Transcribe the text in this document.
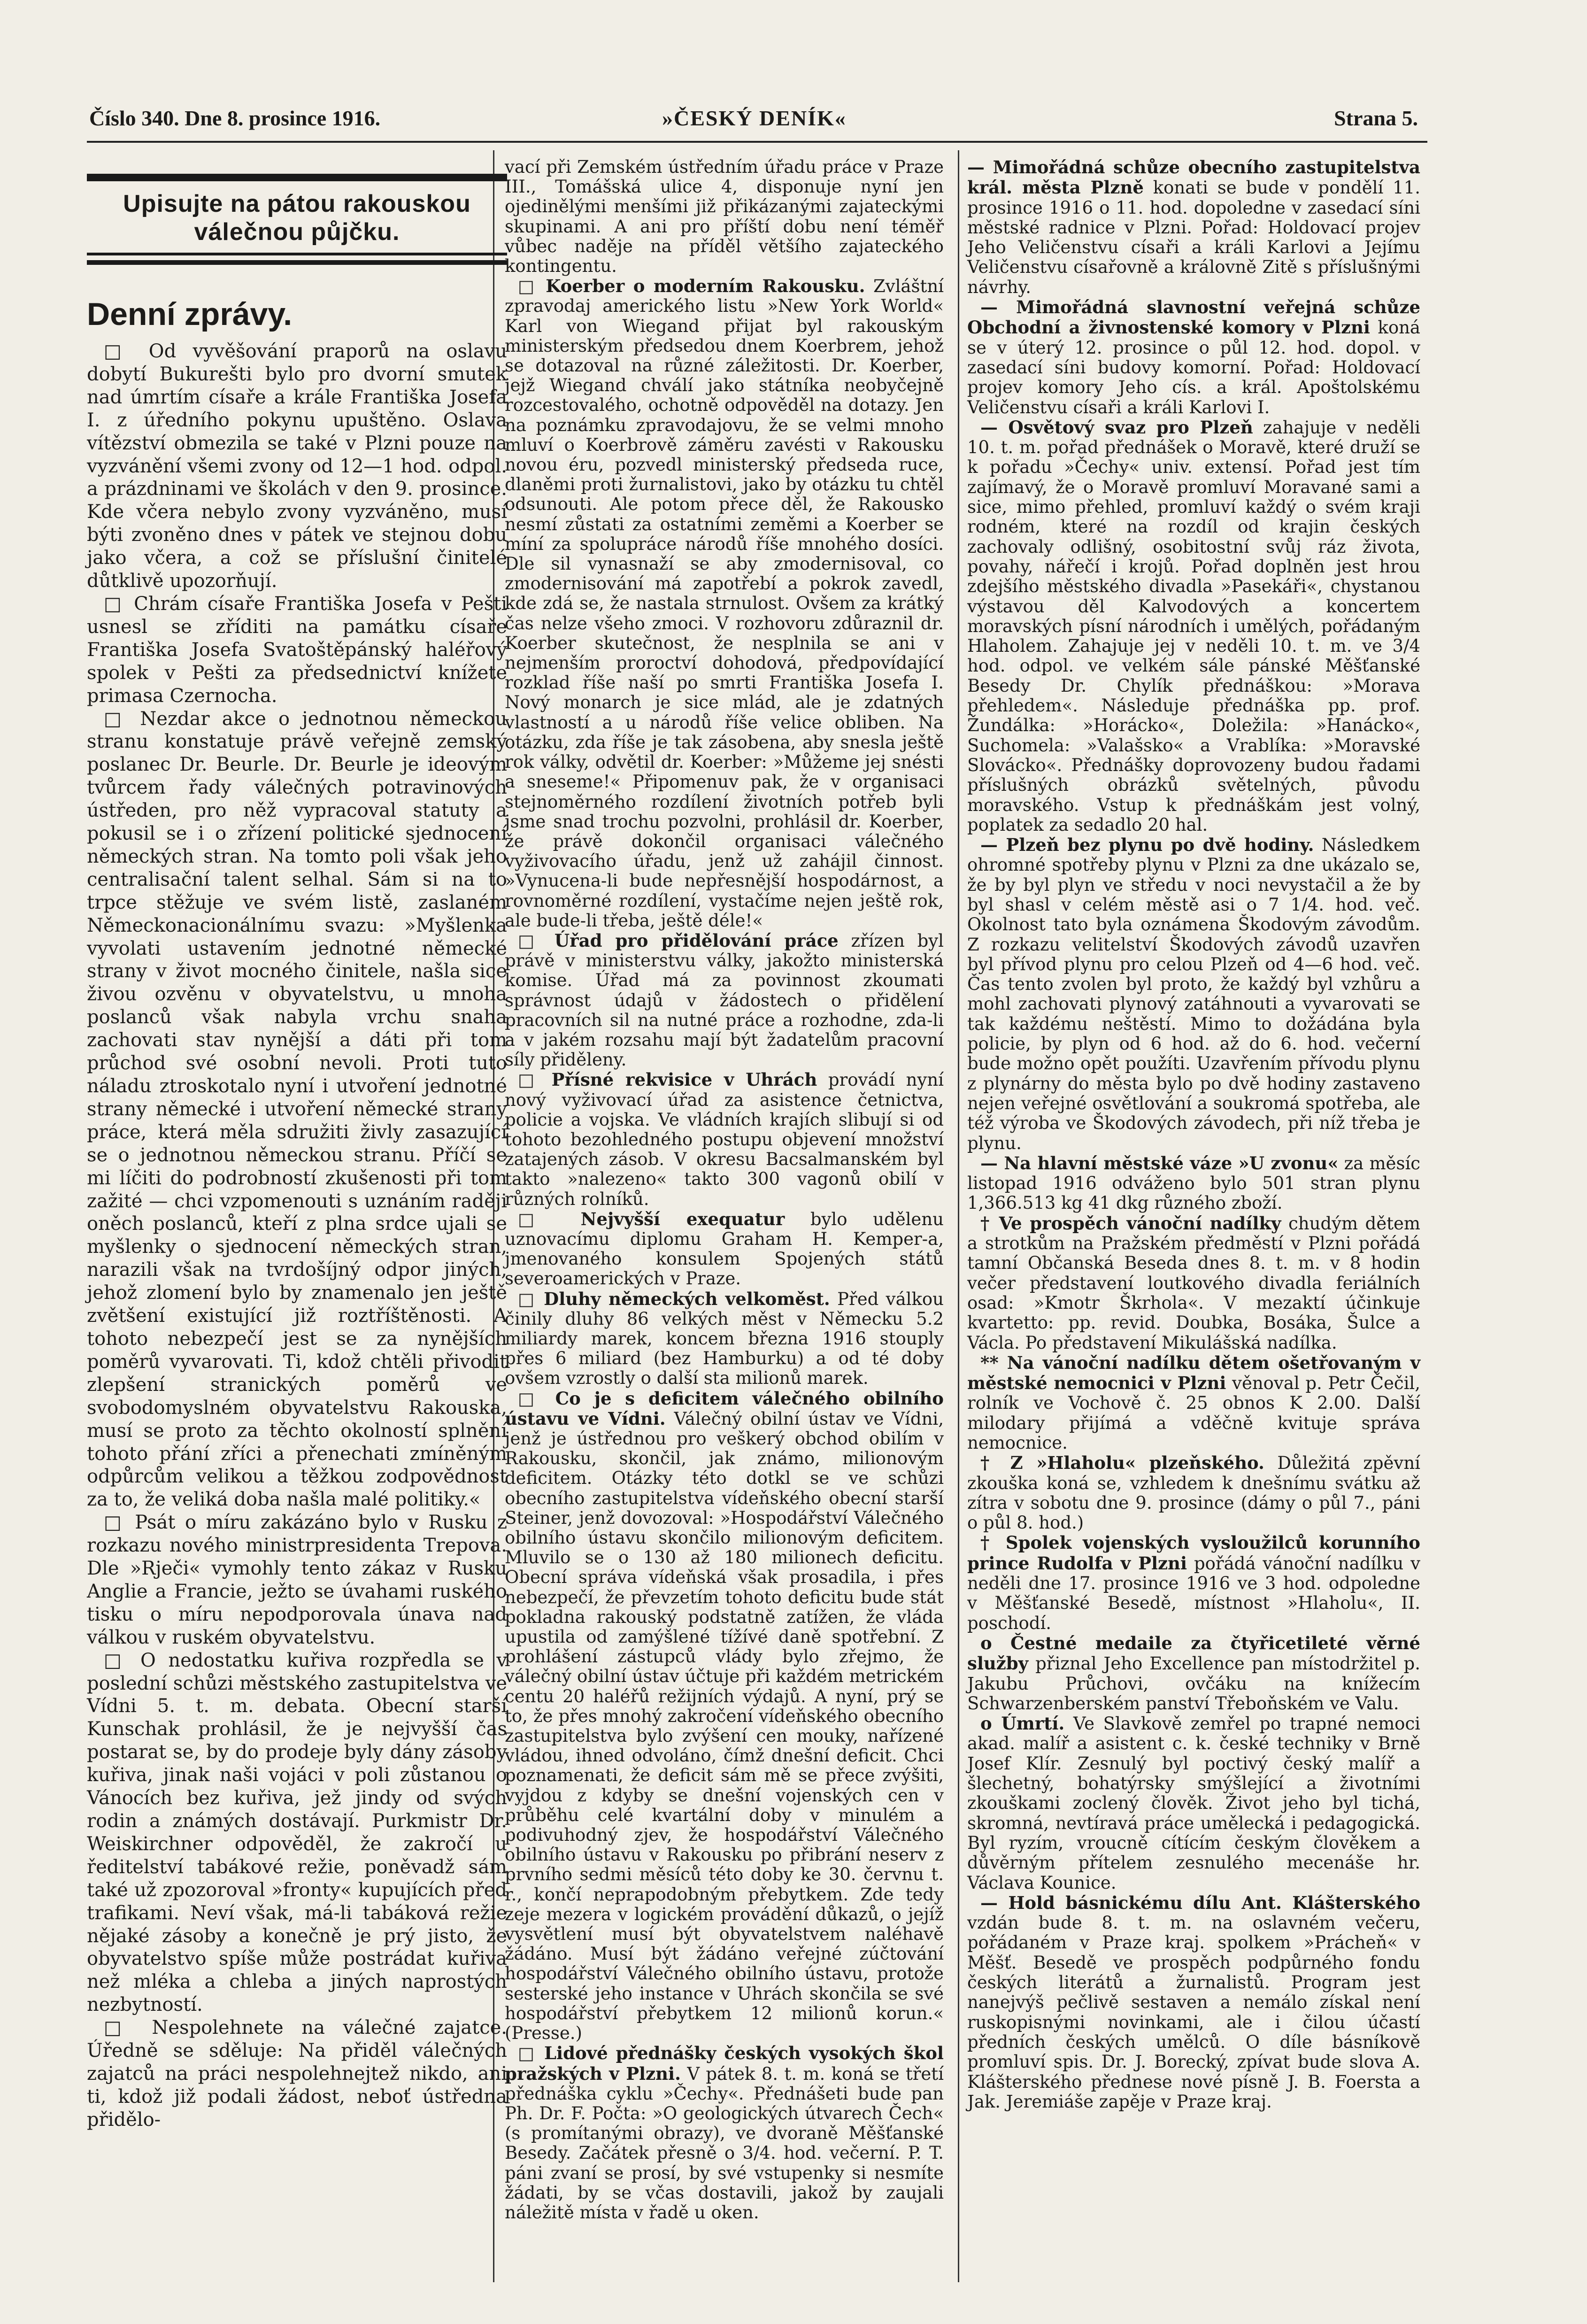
Číslo 340. Dne 8. prosince 1916.	»ČESKÝ DENÍK«	Strana 5.
Upisujte na pátou rakouskou
válečnou půjčku.
Denní zprávy.

□ Od vyvěšování praporů na oslavu dobytí Bukurešti bylo pro dvorní smutek nad úmrtím císaře a krále Františka Josefa I. z úředního pokynu upuštěno. Oslava vítězství obmezila se také v Plzni pouze na vyzvánění všemi zvony od 12—1 hod. odpol. a prázdninami ve školách v den 9. prosince. Kde včera nebylo zvony vyzváněno, musí býti zvoněno dnes v pátek ve stejnou dobu jako včera, a což se příslušní činitelé důtklivě upozorňují.

□ Chrám císaře Františka Josefa v Pešti usnesl se zříditi na památku císaře Františka Josefa Svatoštěpánský haléřový spolek v Pešti za předsednictví knížete primasa Czernocha.

□ Nezdar akce o jednotnou německou stranu konstatuje právě veřejně zemský poslanec Dr. Beurle. Dr. Beurle je ideovým tvůrcem řady válečných potravinových ústředen, pro něž vypracoval statuty a pokusil se i o zřízení politické sjednocení německých stran. Na tomto poli však jeho centralisační talent selhal. Sám si na to trpce stěžuje ve svém listě, zaslaném Německonacionálnímu svazu: »Myšlenka vyvolati ustavením jednotné německé strany v život mocného činitele, našla sice živou ozvěnu v obyvatelstvu, u mnoha poslanců však nabyla vrchu snaha zachovati stav nynější a dáti při tom průchod své osobní nevoli. Proti tuto náladu ztroskotalo nyní i utvoření jednotné strany německé i utvoření německé strany práce, která měla sdružiti živly zasazující se o jednotnou německou stranu. Příčí se mi líčiti do podrobností zkušenosti při tom zažité — chci vzpomenouti s uznáním raději oněch poslanců, kteří z plna srdce ujali se myšlenky o sjednocení německých stran, narazili však na tvrdošíjný odpor jiných, jehož zlomení bylo by znamenalo jen ještě zvětšení existující již roztříštěnosti. A tohoto nebezpečí jest se za nynějších poměrů vyvarovati. Ti, kdož chtěli přivodit zlepšení stranických poměrů ve svobodomyslném obyvatelstvu Rakouska, musí se proto za těchto okolností splnění tohoto přání zříci a přenechati zmíněným odpůrcům velikou a těžkou zodpovědnost za to, že veliká doba našla malé politiky.«

□ Psát o míru zakázáno bylo v Rusku z rozkazu nového ministrpresidenta Trepova. Dle »Rječi« vymohly tento zákaz v Rusku Anglie a Francie, ježto se úvahami ruského tisku o míru nepodporovala únava nad válkou v ruském obyvatelstvu.

□ O nedostatku kuřiva rozpředla se v poslední schůzi městského zastupitelstva ve Vídni 5. t. m. debata. Obecní starší Kunschak prohlásil, že je nejvyšší čas postarat se, by do prodeje byly dány zásoby kuřiva, jinak naši vojáci v poli zůstanou o Vánocích bez kuřiva, jež jindy od svých rodin a známých dostávají. Purkmistr Dr. Weiskirchner odpověděl, že zakročí u ředitelství tabákové režie, poněvadž sám také už zpozoroval »fronty« kupujících před trafikami. Neví však, má-li tabáková režie nějaké zásoby a konečně je prý jisto, že obyvatelstvo spíše může postrádat kuřiva než mléka a chleba a jiných naprostých nezbytností.

□ Nespolehnete na válečné zajatce. Úředně se sděluje: Na přiděl válečných zajatců na práci nespolehnejtež nikdo, ani ti, kdož již podali žádost, neboť ústředna přidělo-

vací při Zemském ústředním úřadu práce v Praze III., Tomášská ulice 4, disponuje nyní jen ojedinělými menšími již přikázanými zajateckými skupinami. A ani pro příští dobu není téměř vůbec naděje na příděl většího zajateckého kontingentu.

□ Koerber o moderním Rakousku. Zvláštní zpravodaj amerického listu »New York World« Karl von Wiegand přijat byl rakouským ministerským předsedou dnem Koerbrem, jehož se dotazoval na různé záležitosti. Dr. Koerber, jejž Wiegand chválí jako státníka neobyčejně rozcestovalého, ochotně odpověděl na dotazy. Jen na poznámku zpravodajovu, že se velmi mnoho mluví o Koerbrově záměru zavésti v Rakousku novou éru, pozvedl ministerský předseda ruce, dlaněmi proti žurnalistovi, jako by otázku tu chtěl odsunouti. Ale potom přece děl, že Rakousko nesmí zůstati za ostatními zeměmi a Koerber se míní za spolupráce národů říše mnohého dosíci. Dle sil vynasnaží se aby zmodernisoval, co zmodernisování má zapotřebí a pokrok zavedl, kde zdá se, že nastala strnulost. Ovšem za krátký čas nelze všeho zmoci. V rozhovoru zdůraznil dr. Koerber skutečnost, že nesplnila se ani v nejmenším proroctví dohodová, předpovídající rozklad říše naší po smrti Františka Josefa I. Nový monarch je sice mlád, ale je zdatných vlastností a u národů říše velice obliben. Na otázku, zda říše je tak zásobena, aby snesla ještě rok války, odvětil dr. Koerber: »Můžeme jej snésti a sneseme!« Připomenuv pak, že v organisaci stejnoměrného rozdílení životních potřeb byli jsme snad trochu pozvolni, prohlásil dr. Koerber, že právě dokončil organisaci válečného vyživovacího úřadu, jenž už zahájil činnost. »Vynucena-li bude nepřesnější hospodárnost, a rovnoměrné rozdílení, vystačíme nejen ještě rok, ale bude-li třeba, ještě déle!«

□ Úřad pro přidělování práce zřízen byl právě v ministerstvu války, jakožto ministerská komise. Úřad má za povinnost zkoumati správnost údajů v žádostech o přidělení pracovních sil na nutné práce a rozhodne, zda-li a v jakém rozsahu mají být žadatelům pracovní síly přiděleny.

□ Přísné rekvisice v Uhrách provádí nyní nový vyživovací úřad za asistence četnictva, policie a vojska. Ve vládních krajích slibují si od tohoto bezohledného postupu objevení množství zatajených zásob. V okresu Bacsalmanském byl takto »nalezeno« takto 300 vagonů obilí v různých rolníků.

□ Nejvyšší exequatur bylo udělenu uznovacímu diplomu Graham H. Kemper-a, jmenovaného konsulem Spojených států severoamerických v Praze.

□ Dluhy německých velkoměst. Před válkou činily dluhy 86 velkých měst v Německu 5.2 miliardy marek, koncem března 1916 stouply přes 6 miliard (bez Hamburku) a od té doby ovšem vzrostly o další sta milionů marek.

□ Co je s deficitem válečného obilního ústavu ve Vídni. Válečný obilní ústav ve Vídni, jenž je ústřednou pro veškerý obchod obilím v Rakousku, skončil, jak známo, milionovým deficitem. Otázky této dotkl se ve schůzi obecního zastupitelstva vídeňského obecní starší Steiner, jenž dovozoval: »Hospodářství Válečného obilního ústavu skončilo milionovým deficitem. Mluvilo se o 130 až 180 milionech deficitu. Obecní správa vídeňská však prosadila, i přes nebezpečí, že převzetím tohoto deficitu bude stát pokladna rakouský podstatně zatížen, že vláda upustila od zamýšlené tížívé daně spotřební. Z prohlášení zástupců vlády bylo zřejmo, že válečný obilní ústav účtuje při každém metrickém centu 20 haléřů režijních výdajů. A nyní, prý se to, že přes mnohý zakročení vídeňského obecního zastupitelstva bylo zvýšení cen mouky, nařízené vládou, ihned odvoláno, čímž dnešní deficit. Chci poznamenati, že deficit sám mě se přece zvýšiti, vyjdou z kdyby se dnešní vojenských cen v průběhu celé kvartální doby v minulém a podivuhodný zjev, že hospodářství Válečného obilního ústavu v Rakousku po přibrání neserv z prvního sedmi měsíců této doby ke 30. červnu t. r., končí neprapodobným přebytkem. Zde tedy zeje mezera v logickém provádění důkazů, o jejíž vysvětlení musí být obyvatelstvem naléhavě žádáno. Musí být žádáno veřejné zúčtování hospodářství Válečného obilního ústavu, protože sesterské jeho instance v Uhrách skončila se své hospodářství přebytkem 12 milionů korun.« (Presse.)

□ Lidové přednášky českých vysokých škol pražských v Plzni. V pátek 8. t. m. koná se třetí přednáška cyklu »Čechy«. Přednášeti bude pan Ph. Dr. F. Počta: »O geologických útvarech Čech« (s promítanými obrazy), ve dvoraně Měšťanské Besedy. Začátek přesně o 3/4. hod. večerní. P. T. páni zvaní se prosí, by své vstupenky si nesmíte žádati, by se včas dostavili, jakož by zaujali náležitě místa v řadě u oken.

— Mimořádná schůze obecního zastupitelstva král. města Plzně konati se bude v pondělí 11. prosince 1916 o 11. hod. dopoledne v zasedací síni městské radnice v Plzni. Pořad: Holdovací projev Jeho Veličenstvu císaři a králi Karlovi a Jejímu Veličenstvu císařovně a královně Zitě s příslušnými návrhy.

— Mimořádná slavnostní veřejná schůze Obchodní a živnostenské komory v Plzni koná se v úterý 12. prosince o půl 12. hod. dopol. v zasedací síni budovy komorní. Pořad: Holdovací projev komory Jeho cís. a král. Apoštolskému Veličenstvu císaři a králi Karlovi I.

— Osvětový svaz pro Plzeň zahajuje v neděli 10. t. m. pořad přednášek o Moravě, které druží se k pořadu »Čechy« univ. extensí. Pořad jest tím zajímavý, že o Moravě promluví Moravané sami a sice, mimo přehled, promluví každý o svém kraji rodném, které na rozdíl od krajin českých zachovaly odlišný, osobitostní svůj ráz života, povahy, nářečí i krojů. Pořad doplněn jest hrou zdejšího městského divadla »Pasekáři«, chystanou výstavou děl Kalvodových a koncertem moravských písní národních i umělých, pořádaným Hlaholem. Zahajuje jej v neděli 10. t. m. ve 3/4 hod. odpol. ve velkém sále pánské Měšťanské Besedy Dr. Chylík přednáškou: »Morava přehledem«. Následuje přednáška pp. prof. Žundálka: »Horácko«, Doležila: »Hanácko«, Suchomela: »Valašsko« a Vrablíka: »Moravské Slovácko«. Přednášky doprovozeny budou řadami příslušných obrázků světelných, původu moravského. Vstup k přednáškám jest volný, poplatek za sedadlo 20 hal.

— Plzeň bez plynu po dvě hodiny. Následkem ohromné spotřeby plynu v Plzni za dne ukázalo se, že by byl plyn ve středu v noci nevystačil a že by byl shasl v celém městě asi o 7 1/4. hod. več. Okolnost tato byla oznámena Škodovým závodům. Z rozkazu velitelství Škodových závodů uzavřen byl přívod plynu pro celou Plzeň od 4—6 hod. več. Čas tento zvolen byl proto, že každý byl vzhůru a mohl zachovati plynový zatáhnouti a vyvarovati se tak každému neštěstí. Mimo to dožádána byla policie, by plyn od 6 hod. až do 6. hod. večerní bude možno opět použíti. Uzavřením přívodu plynu z plynárny do města bylo po dvě hodiny zastaveno nejen veřejné osvětlování a soukromá spotřeba, ale též výroba ve Škodových závodech, při níž třeba je plynu.

— Na hlavní městské váze »U zvonu« za měsíc listopad 1916 odváženo bylo 501 stran plynu 1,366.513 kg 41 dkg různého zboží.

† Ve prospěch vánoční nadílky chudým dětem a strotkům na Pražském předměstí v Plzni pořádá tamní Občanská Beseda dnes 8. t. m. v 8 hodin večer představení loutkového divadla feriálních osad: »Kmotr Škrhola«. V mezaktí účinkuje kvartetto: pp. revid. Doubka, Bosáka, Šulce a Václa. Po představení Mikulášská nadílka.

** Na vánoční nadílku dětem ošetřovaným v městské nemocnici v Plzni věnoval p. Petr Čečil, rolník ve Vochově č. 25 obnos K 2.00. Další milodary přijímá a vděčně kvituje správa nemocnice.

† Z »Hlaholu« plzeňského. Důležitá zpěvní zkouška koná se, vzhledem k dnešnímu svátku až zítra v sobotu dne 9. prosince (dámy o půl 7., páni o půl 8. hod.)

† Spolek vojenských vysloužilců korunního prince Rudolfa v Plzni pořádá vánoční nadílku v neděli dne 17. prosince 1916 ve 3 hod. odpoledne v Měšťanské Besedě, místnost »Hlaholu«, II. poschodí.

o Čestné medaile za čtyřicetileté věrné služby přiznal Jeho Excellence pan místodržitel p. Jakubu Průchovi, ovčáku na knížecím Schwarzenberském panství Třeboňském ve Valu.

o Úmrtí. Ve Slavkově zemřel po trapné nemoci akad. malíř a asistent c. k. české techniky v Brně Josef Klír. Zesnulý byl poctivý český malíř a šlechetný, bohatýrsky smýšlející a životními zkouškami zoclený člověk. Život jeho byl tichá, skromná, nevtíravá práce umělecká i pedagogická. Byl ryzím, vroucně cítícím českým člověkem a důvěrným přítelem zesnulého mecenáše hr. Václava Kounice.

— Hold básnickému dílu Ant. Klášterského vzdán bude 8. t. m. na oslavném večeru, pořádaném v Praze kraj. spolkem »Prácheň« v Měšť. Besedě ve prospěch podpůrného fondu českých literátů a žurnalistů. Program jest nanejvýš pečlivě sestaven a nemálo získal není ruskopisnými novinkami, ale i čilou účastí předních českých umělců. O díle básníkově promluví spis. Dr. J. Borecký, zpívat bude slova A. Klášterského přednese nové písně J. B. Foersta a Jak. Jeremiáše zapěje v Praze kraj.
